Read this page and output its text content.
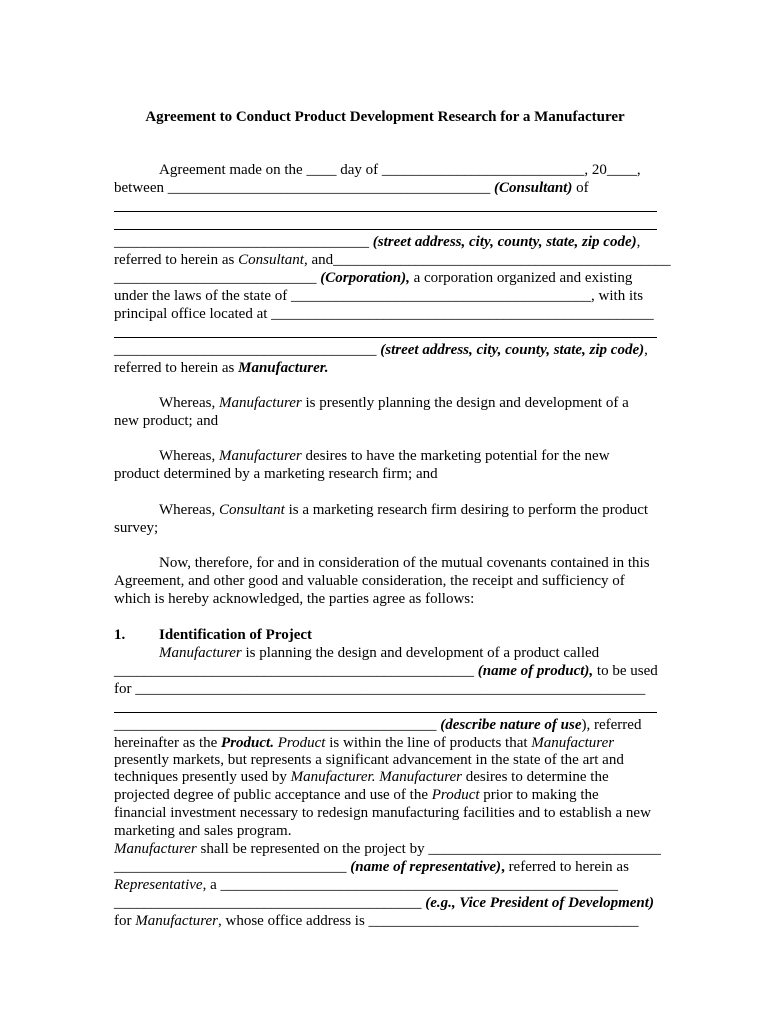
Agreement to Conduct Product Development Research for a Manufacturer
Agreement made on the ____ day of ___________________________, 20____,
between ___________________________________________ (Consultant) of
__________________________________ (street address, city, county, state, zip code),
referred to herein as Consultant, and_____________________________________________
___________________________ (Corporation), a corporation organized and existing
under the laws of the state of ________________________________________, with its
principal office located at ___________________________________________________
___________________________________ (street address, city, county, state, zip code),
referred to herein as Manufacturer.
Whereas, Manufacturer is presently planning the design and development of a
new product; and
Whereas, Manufacturer desires to have the marketing potential for the new
product determined by a marketing research firm; and
Whereas, Consultant is a marketing research firm desiring to perform the product
survey;
Now, therefore, for and in consideration of the mutual covenants contained in this
Agreement, and other good and valuable consideration, the receipt and sufficiency of
which is hereby acknowledged, the parties agree as follows:
1. Identification of Project
Manufacturer is planning the design and development of a product called
________________________________________________ (name of product), to be used
for ____________________________________________________________________
___________________________________________ (describe nature of use), referred
hereinafter as the Product. Product is within the line of products that Manufacturer
presently markets, but represents a significant advancement in the state of the art and
techniques presently used by Manufacturer. Manufacturer desires to determine the
projected degree of public acceptance and use of the Product prior to making the
financial investment necessary to redesign manufacturing facilities and to establish a new
marketing and sales program.
Manufacturer shall be represented on the project by _______________________________
_______________________________ (name of representative), referred to herein as
Representative, a _____________________________________________________
_________________________________________ (e.g., Vice President of Development)
for Manufacturer, whose office address is ____________________________________
